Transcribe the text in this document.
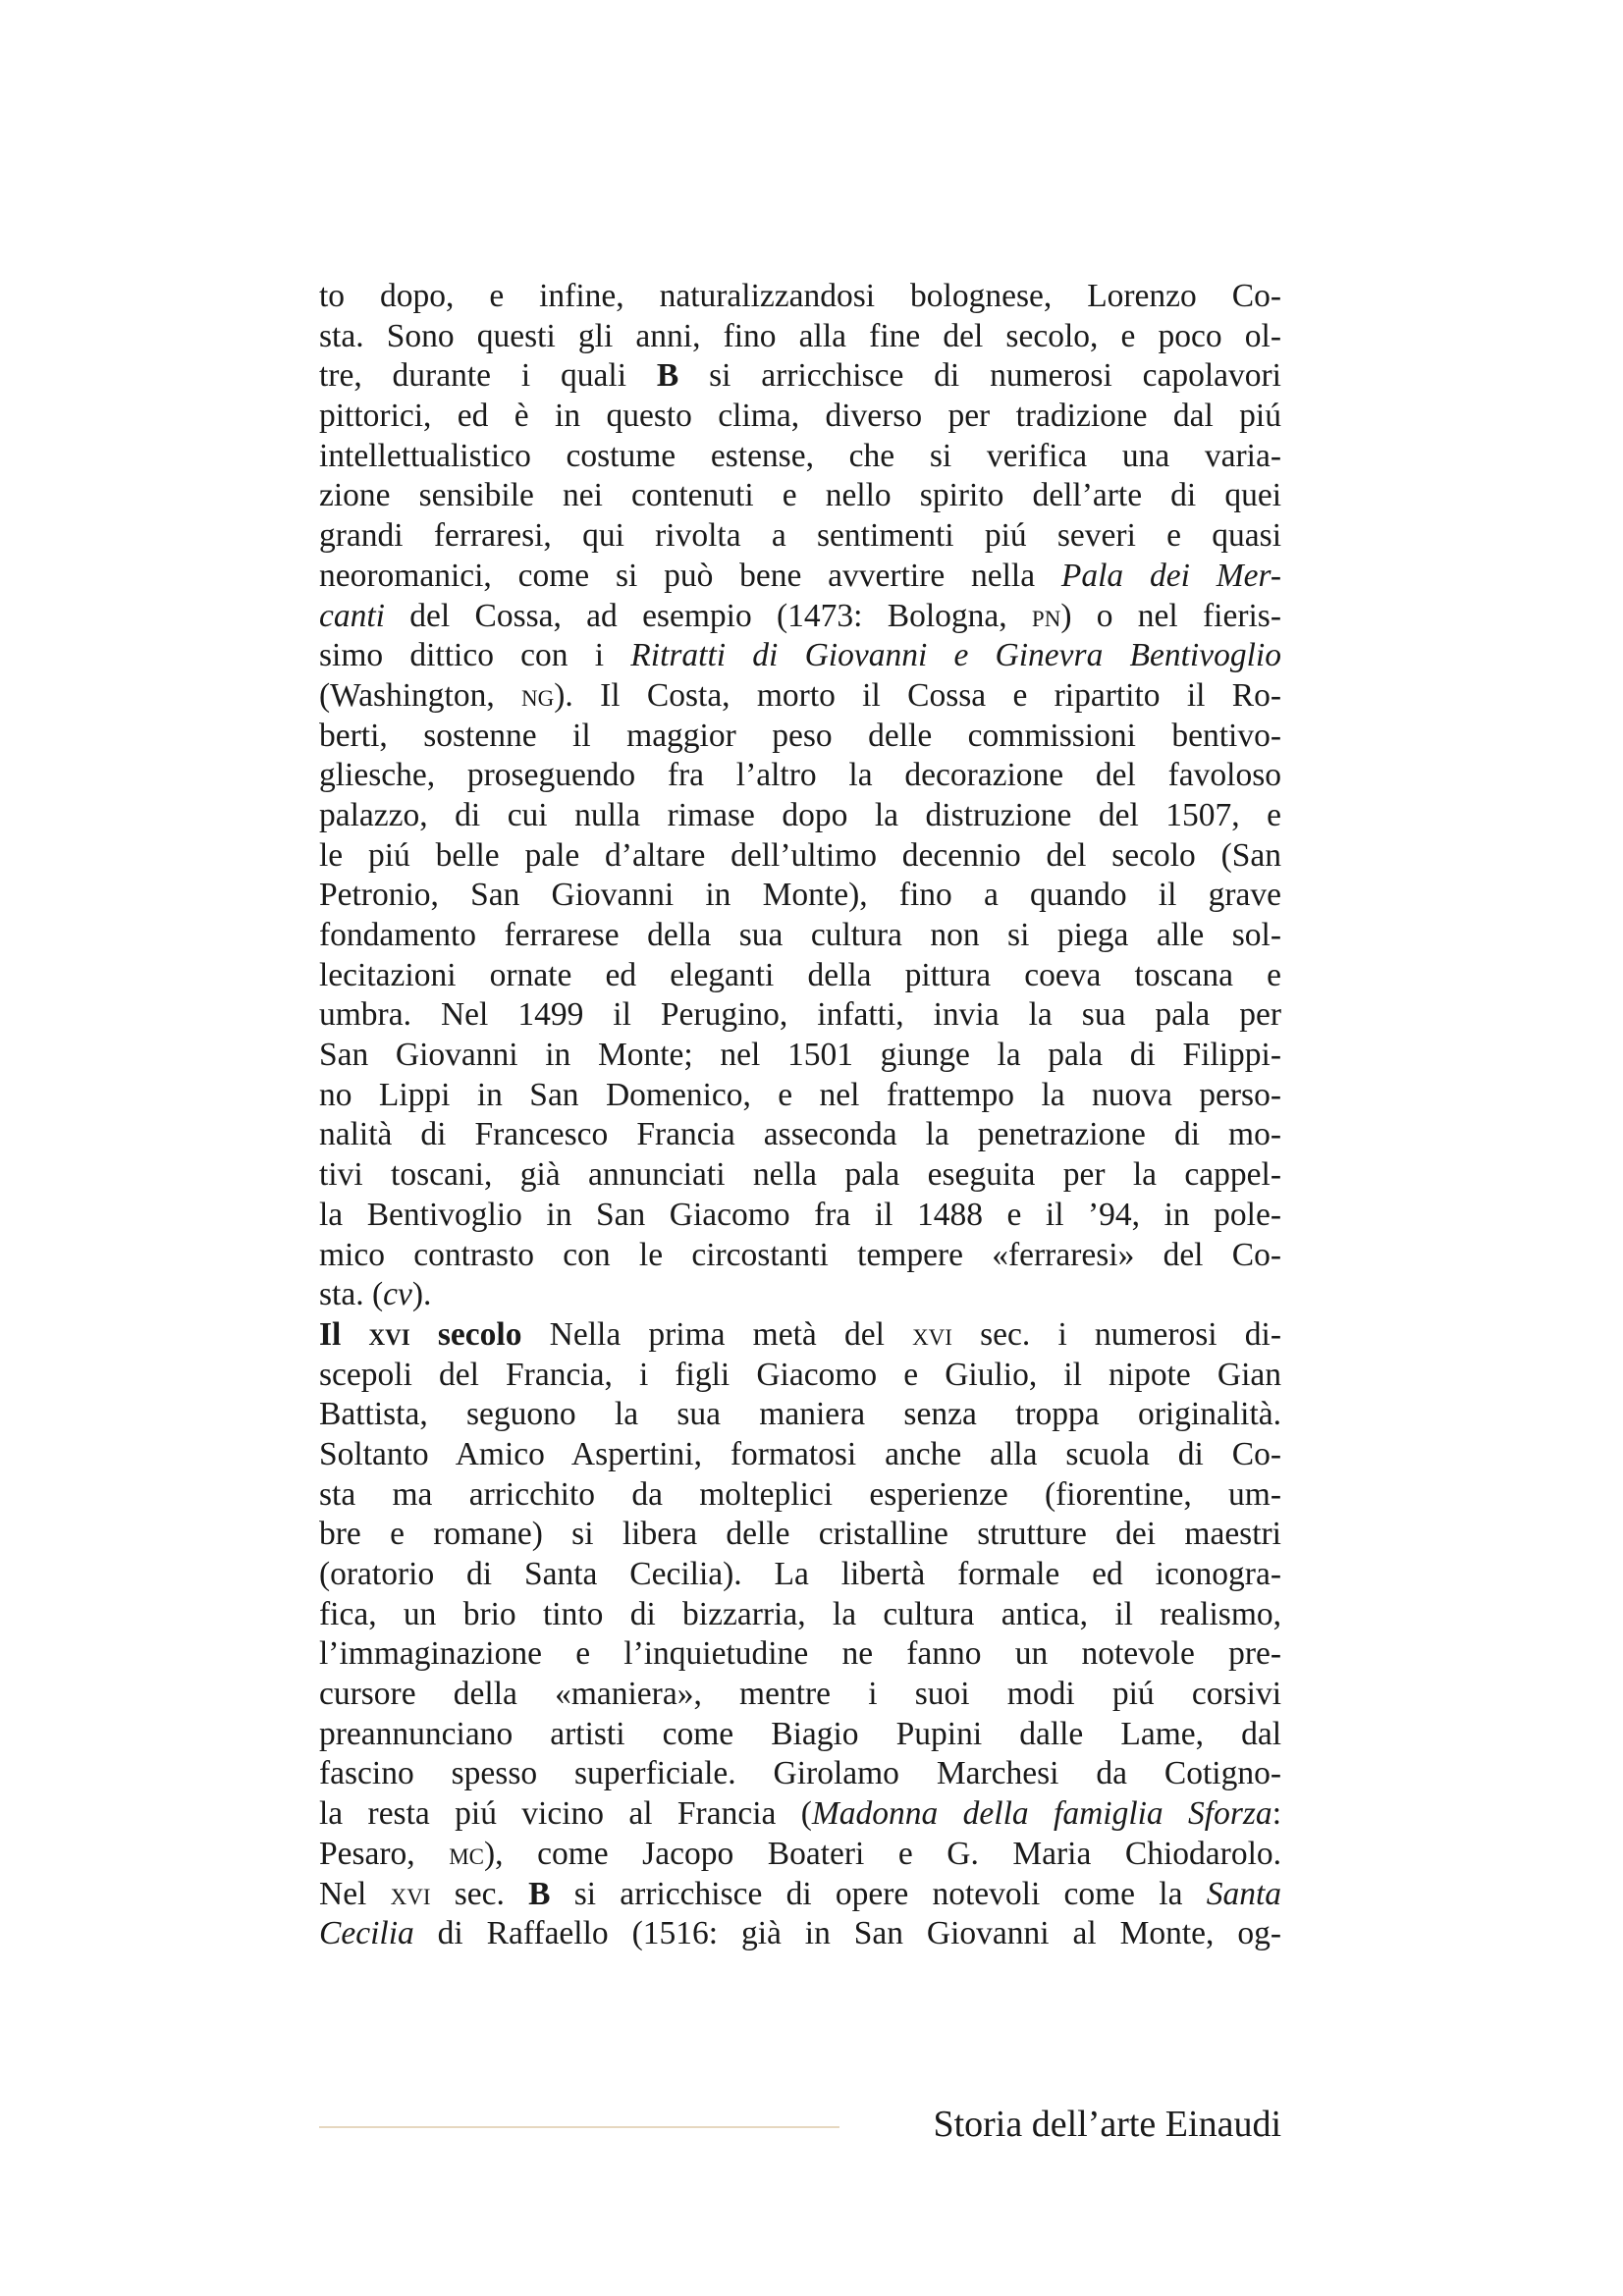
to dopo, e infine, naturalizzandosi bolognese, Lorenzo Co-
sta. Sono questi gli anni, fino alla fine del secolo, e poco ol-
tre, durante i quali B si arricchisce di numerosi capolavori
pittorici, ed è in questo clima, diverso per tradizione dal piú
intellettualistico costume estense, che si verifica una varia-
zione sensibile nei contenuti e nello spirito dell’arte di quei
grandi ferraresi, qui rivolta a sentimenti piú severi e quasi
neoromanici, come si può bene avvertire nella Pala dei Mer-
canti del Cossa, ad esempio (1473: Bologna, pn) o nel fieris-
simo dittico con i Ritratti di Giovanni e Ginevra Bentivoglio
(Washington, ng). Il Costa, morto il Cossa e ripartito il Ro-
berti, sostenne il maggior peso delle commissioni bentivo-
gliesche, proseguendo fra l’altro la decorazione del favoloso
palazzo, di cui nulla rimase dopo la distruzione del 1507, e
le piú belle pale d’altare dell’ultimo decennio del secolo (San
Petronio, San Giovanni in Monte), fino a quando il grave
fondamento ferrarese della sua cultura non si piega alle sol-
lecitazioni ornate ed eleganti della pittura coeva toscana e
umbra. Nel 1499 il Perugino, infatti, invia la sua pala per
San Giovanni in Monte; nel 1501 giunge la pala di Filippi-
no Lippi in San Domenico, e nel frattempo la nuova perso-
nalità di Francesco Francia asseconda la penetrazione di mo-
tivi toscani, già annunciati nella pala eseguita per la cappel-
la Bentivoglio in San Giacomo fra il 1488 e il ’94, in pole-
mico contrasto con le circostanti tempere «ferraresi» del Co-
sta. (cv).
Il xvi secolo Nella prima metà del xvi sec. i numerosi di-
scepoli del Francia, i figli Giacomo e Giulio, il nipote Gian
Battista, seguono la sua maniera senza troppa originalità.
Soltanto Amico Aspertini, formatosi anche alla scuola di Co-
sta ma arricchito da molteplici esperienze (fiorentine, um-
bre e romane) si libera delle cristalline strutture dei maestri
(oratorio di Santa Cecilia). La libertà formale ed iconogra-
fica, un brio tinto di bizzarria, la cultura antica, il realismo,
l’immaginazione e l’inquietudine ne fanno un notevole pre-
cursore della «maniera», mentre i suoi modi piú corsivi
preannunciano artisti come Biagio Pupini dalle Lame, dal
fascino spesso superficiale. Girolamo Marchesi da Cotigno-
la resta piú vicino al Francia (Madonna della famiglia Sforza:
Pesaro, mc), come Jacopo Boateri e G. Maria Chiodarolo.
Nel xvi sec. B si arricchisce di opere notevoli come la Santa
Cecilia di Raffaello (1516: già in San Giovanni al Monte, og-
Storia dell’arte Einaudi
